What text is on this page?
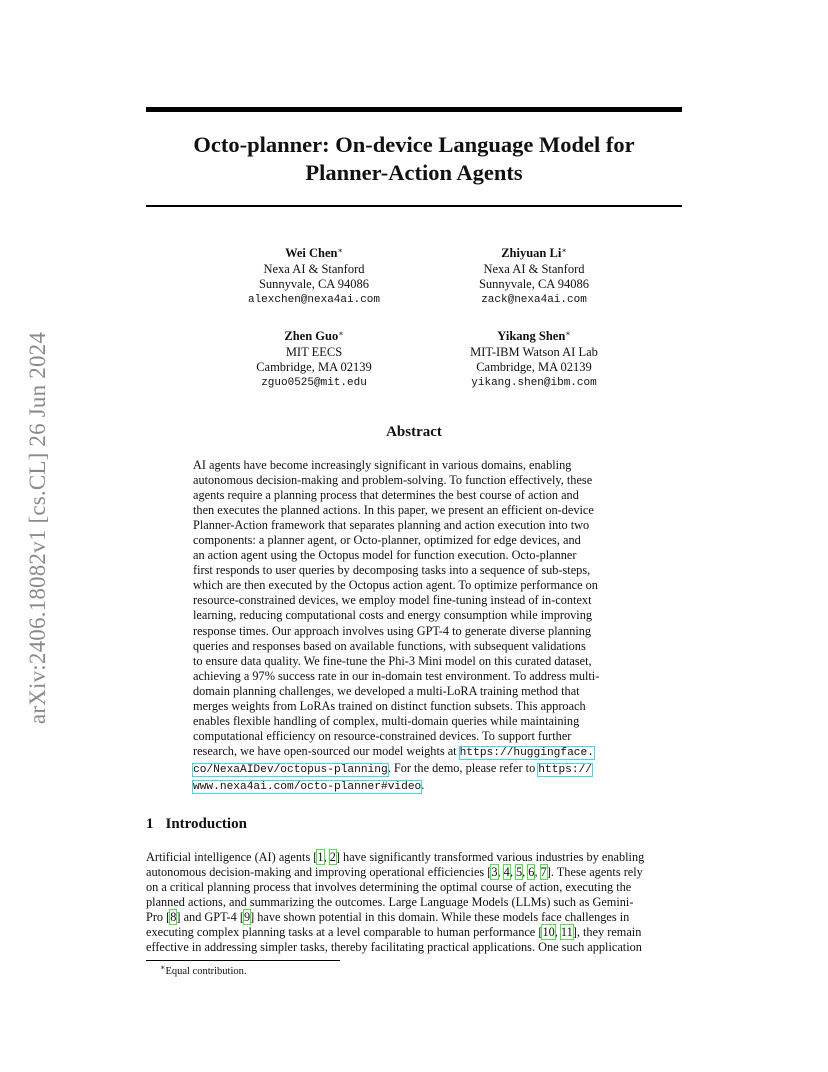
arXiv:2406.18082v1 [cs.CL] 26 Jun 2024
Octo-planner: On-device Language Model for
Planner-Action Agents
Wei Chen∗
Nexa AI & Stanford
Sunnyvale, CA 94086
alexchen@nexa4ai.com
Zhiyuan Li∗
Nexa AI & Stanford
Sunnyvale, CA 94086
zack@nexa4ai.com
Zhen Guo∗
MIT EECS
Cambridge, MA 02139
zguo0525@mit.edu
Yikang Shen∗
MIT-IBM Watson AI Lab
Cambridge, MA 02139
yikang.shen@ibm.com
Abstract
AI agents have become increasingly significant in various domains, enabling
autonomous decision-making and problem-solving. To function effectively, these
agents require a planning process that determines the best course of action and
then executes the planned actions. In this paper, we present an efficient on-device
Planner-Action framework that separates planning and action execution into two
components: a planner agent, or Octo-planner, optimized for edge devices, and
an action agent using the Octopus model for function execution. Octo-planner
first responds to user queries by decomposing tasks into a sequence of sub-steps,
which are then executed by the Octopus action agent. To optimize performance on
resource-constrained devices, we employ model fine-tuning instead of in-context
learning, reducing computational costs and energy consumption while improving
response times. Our approach involves using GPT-4 to generate diverse planning
queries and responses based on available functions, with subsequent validations
to ensure data quality. We fine-tune the Phi-3 Mini model on this curated dataset,
achieving a 97% success rate in our in-domain test environment. To address multi-
domain planning challenges, we developed a multi-LoRA training method that
merges weights from LoRAs trained on distinct function subsets. This approach
enables flexible handling of complex, multi-domain queries while maintaining
computational efficiency on resource-constrained devices. To support further
research, we have open-sourced our model weights at https://huggingface.
co/NexaAIDev/octopus-planning. For the demo, please refer to https://
www.nexa4ai.com/octo-planner#video.
1 Introduction
Artificial intelligence (AI) agents [1, 2] have significantly transformed various industries by enabling
autonomous decision-making and improving operational efficiencies [3, 4, 5, 6, 7]. These agents rely
on a critical planning process that involves determining the optimal course of action, executing the
planned actions, and summarizing the outcomes. Large Language Models (LLMs) such as Gemini-
Pro [8] and GPT-4 [9] have shown potential in this domain. While these models face challenges in
executing complex planning tasks at a level comparable to human performance [10, 11], they remain
effective in addressing simpler tasks, thereby facilitating practical applications. One such application
∗Equal contribution.
